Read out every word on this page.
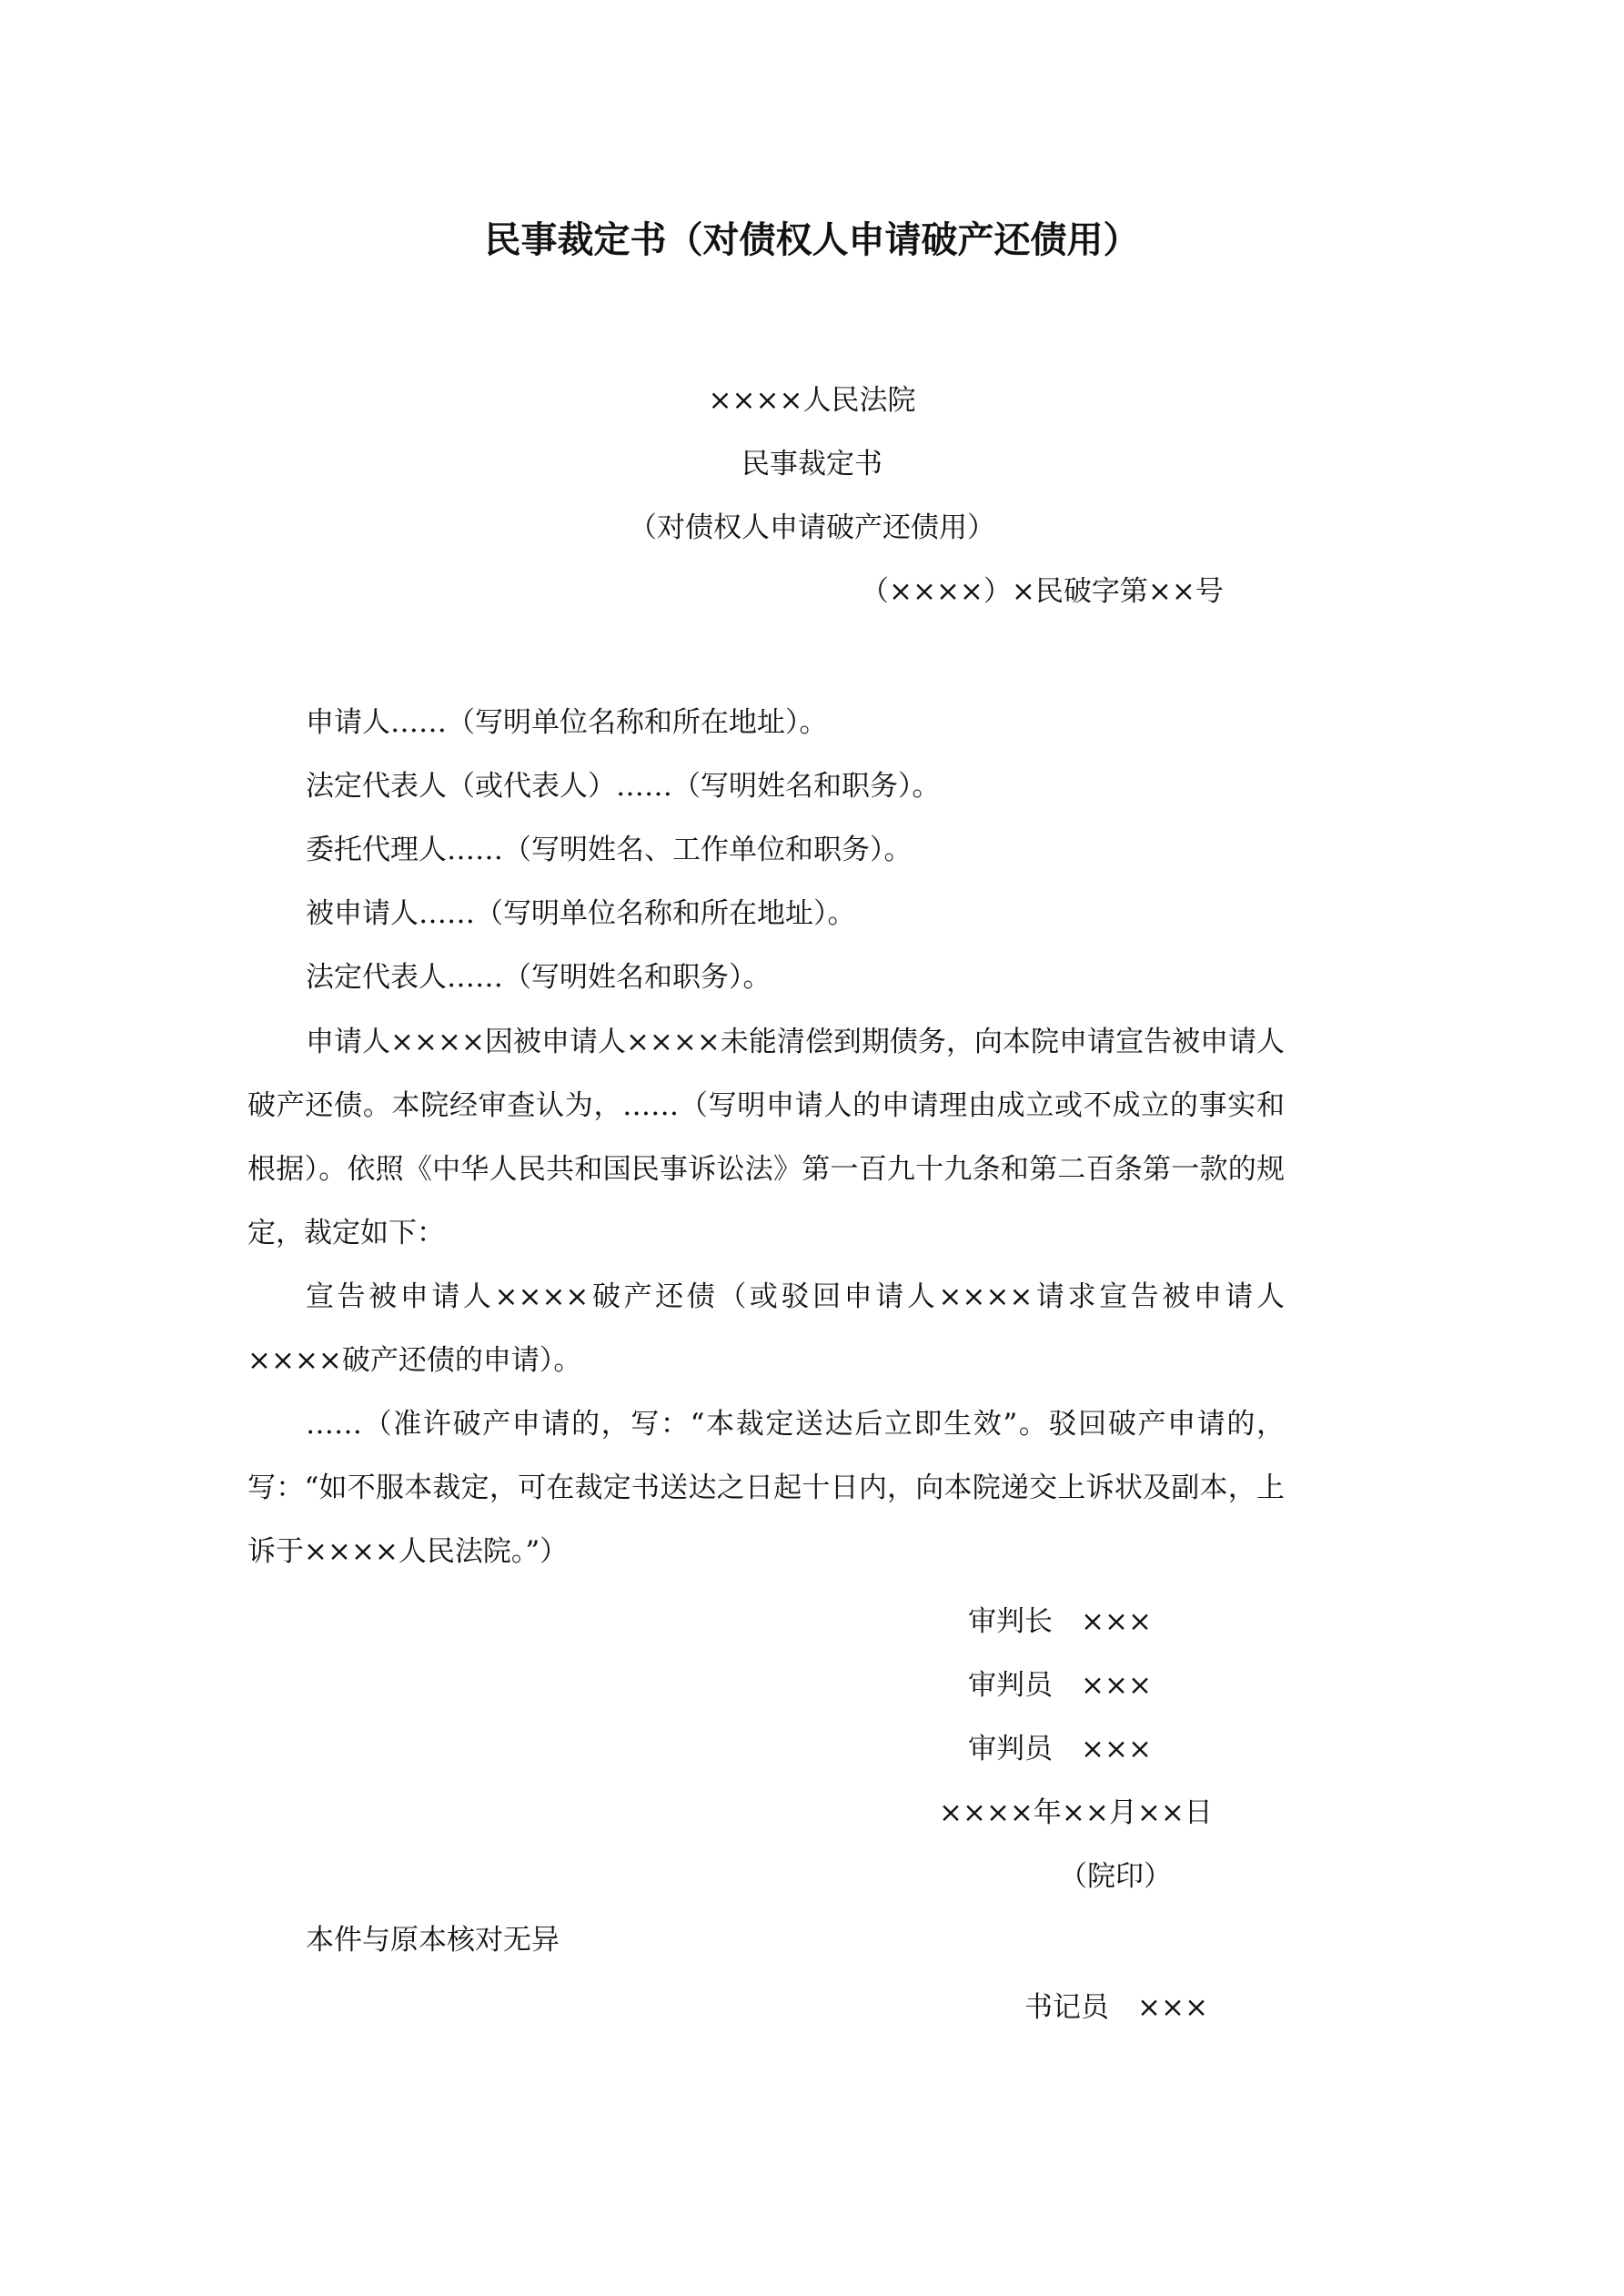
民事裁定书（对债权人申请破产还债用）
××××人民法院
民事裁定书
（对债权人申请破产还债用）
（××××）×民破字第××号
申请人……（写明单位名称和所在地址）。
法定代表人（或代表人）……（写明姓名和职务）。
委托代理人……（写明姓名、工作单位和职务）。
被申请人……（写明单位名称和所在地址）。
法定代表人……（写明姓名和职务）。
申请人××××因被申请人××××未能清偿到期债务，向本院申请宣告被申请人破产还债。本院经审查认为，……（写明申请人的申请理由成立或不成立的事实和根据）。依照《中华人民共和国民事诉讼法》第一百九十九条和第二百条第一款的规定，裁定如下：
宣告被申请人××××破产还债（或驳回申请人××××请求宣告被申请人××××破产还债的申请）。
……（准许破产申请的，写：“本裁定送达后立即生效”。驳回破产申请的，写：“如不服本裁定，可在裁定书送达之日起十日内，向本院递交上诉状及副本，上诉于××××人民法院。”）
审判长　×××
审判员　×××
审判员　×××
××××年××月××日
（院印）
本件与原本核对无异
书记员　×××
